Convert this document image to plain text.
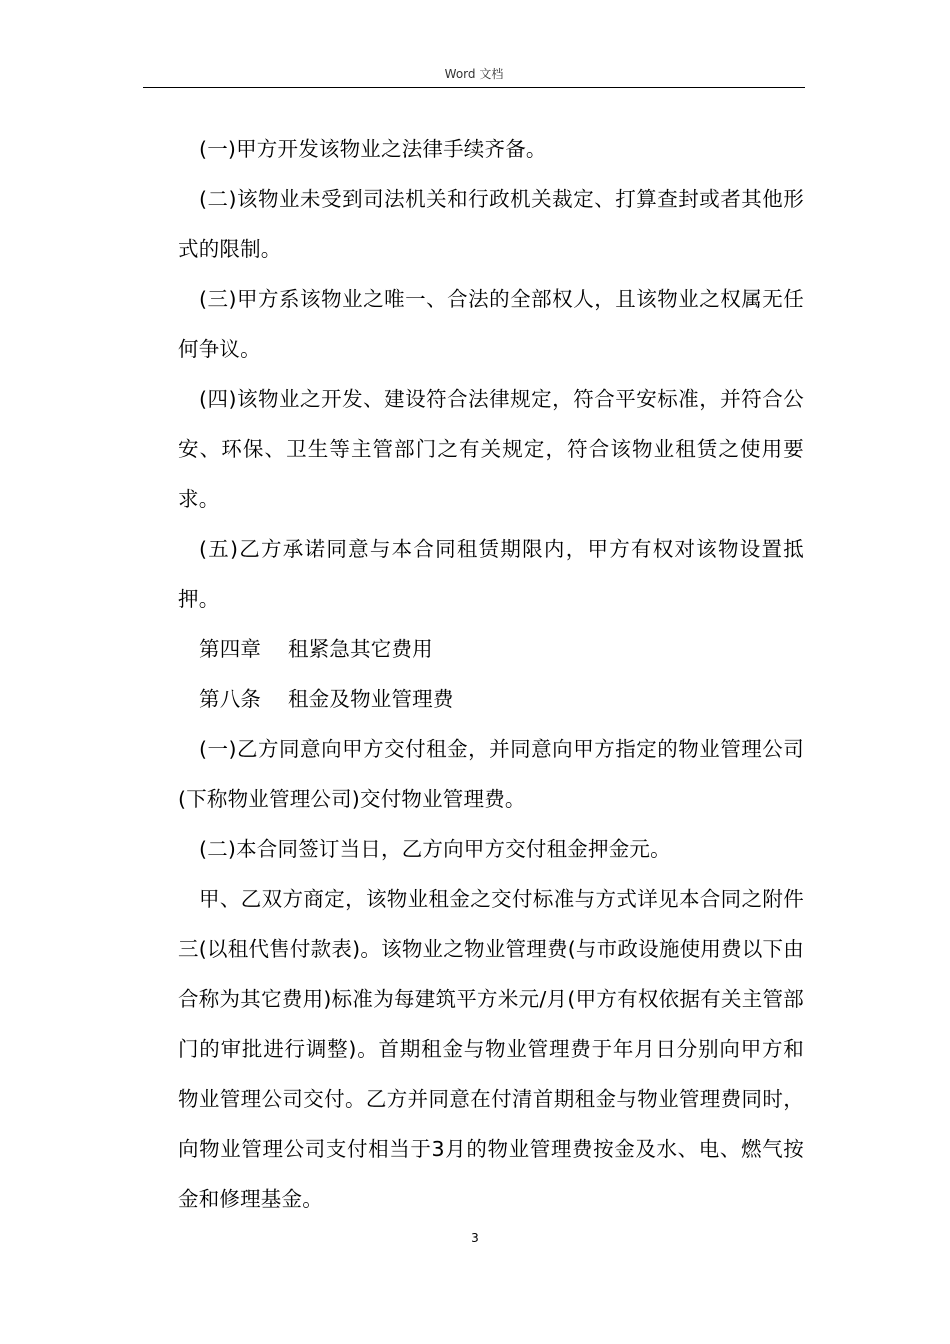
Word 文档

(一)甲方开发该物业之法律手续齐备。

(二)该物业未受到司法机关和行政机关裁定、打算查封或者其他形式的限制。

(三)甲方系该物业之唯一、合法的全部权人，且该物业之权属无任何争议。

(四)该物业之开发、建设符合法律规定，符合平安标准，并符合公安、环保、卫生等主管部门之有关规定，符合该物业租赁之使用要求。

(五)乙方承诺同意与本合同租赁期限内，甲方有权对该物设置抵押。

第四章    租紧急其它费用

第八条    租金及物业管理费

(一)乙方同意向甲方交付租金，并同意向甲方指定的物业管理公司(下称物业管理公司)交付物业管理费。

(二)本合同签订当日，乙方向甲方交付租金押金元。

甲、乙双方商定，该物业租金之交付标准与方式详见本合同之附件三(以租代售付款表)。该物业之物业管理费(与市政设施使用费以下由合称为其它费用)标准为每建筑平方米元/月(甲方有权依据有关主管部门的审批进行调整)。首期租金与物业管理费于年月日分别向甲方和物业管理公司交付。乙方并同意在付清首期租金与物业管理费同时，向物业管理公司支付相当于3月的物业管理费按金及水、电、燃气按金和修理基金。

3
